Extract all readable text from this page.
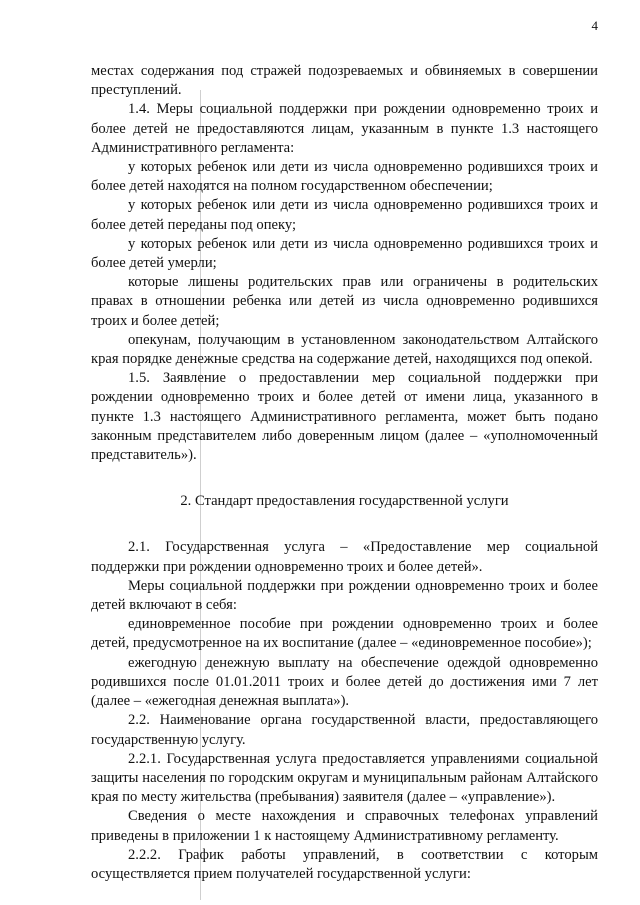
4

местах содержания под стражей подозреваемых и обвиняемых в совершении преступлений.

1.4. Меры социальной поддержки при рождении одновременно троих и более детей не предоставляются лицам, указанным в пункте 1.3 настоящего Административного регламента:

у которых ребенок или дети из числа одновременно родившихся троих и более детей находятся на полном государственном обеспечении;

у которых ребенок или дети из числа одновременно родившихся троих и более детей переданы под опеку;

у которых ребенок или дети из числа одновременно родившихся троих и более детей умерли;

которые лишены родительских прав или ограничены в родительских правах в отношении ребенка или детей из числа одновременно родившихся троих и более детей;

опекунам, получающим в установленном законодательством Алтайского края порядке денежные средства на содержание детей, находящихся под опекой.

1.5. Заявление о предоставлении мер социальной поддержки при рождении одновременно троих и более детей от имени лица, указанного в пункте 1.3 настоящего Административного регламента, может быть подано законным представителем либо доверенным лицом (далее – «уполномоченный представитель»).

2. Стандарт предоставления государственной услуги

2.1. Государственная услуга – «Предоставление мер социальной поддержки при рождении одновременно троих и более детей».

Меры социальной поддержки при рождении одновременно троих и более детей включают в себя:

единовременное пособие при рождении одновременно троих и более детей, предусмотренное на их воспитание (далее – «единовременное пособие»);

ежегодную денежную выплату на обеспечение одеждой одновременно родившихся после 01.01.2011 троих и более детей до достижения ими 7 лет (далее – «ежегодная денежная выплата»).

2.2. Наименование органа государственной власти, предоставляющего государственную услугу.

2.2.1. Государственная услуга предоставляется управлениями социальной защиты населения по городским округам и муниципальным районам Алтайского края по месту жительства (пребывания) заявителя (далее – «управление»).

Сведения о месте нахождения и справочных телефонах управлений приведены в приложении 1 к настоящему Административному регламенту.

2.2.2. График работы управлений, в соответствии с которым осуществляется прием получателей государственной услуги:
